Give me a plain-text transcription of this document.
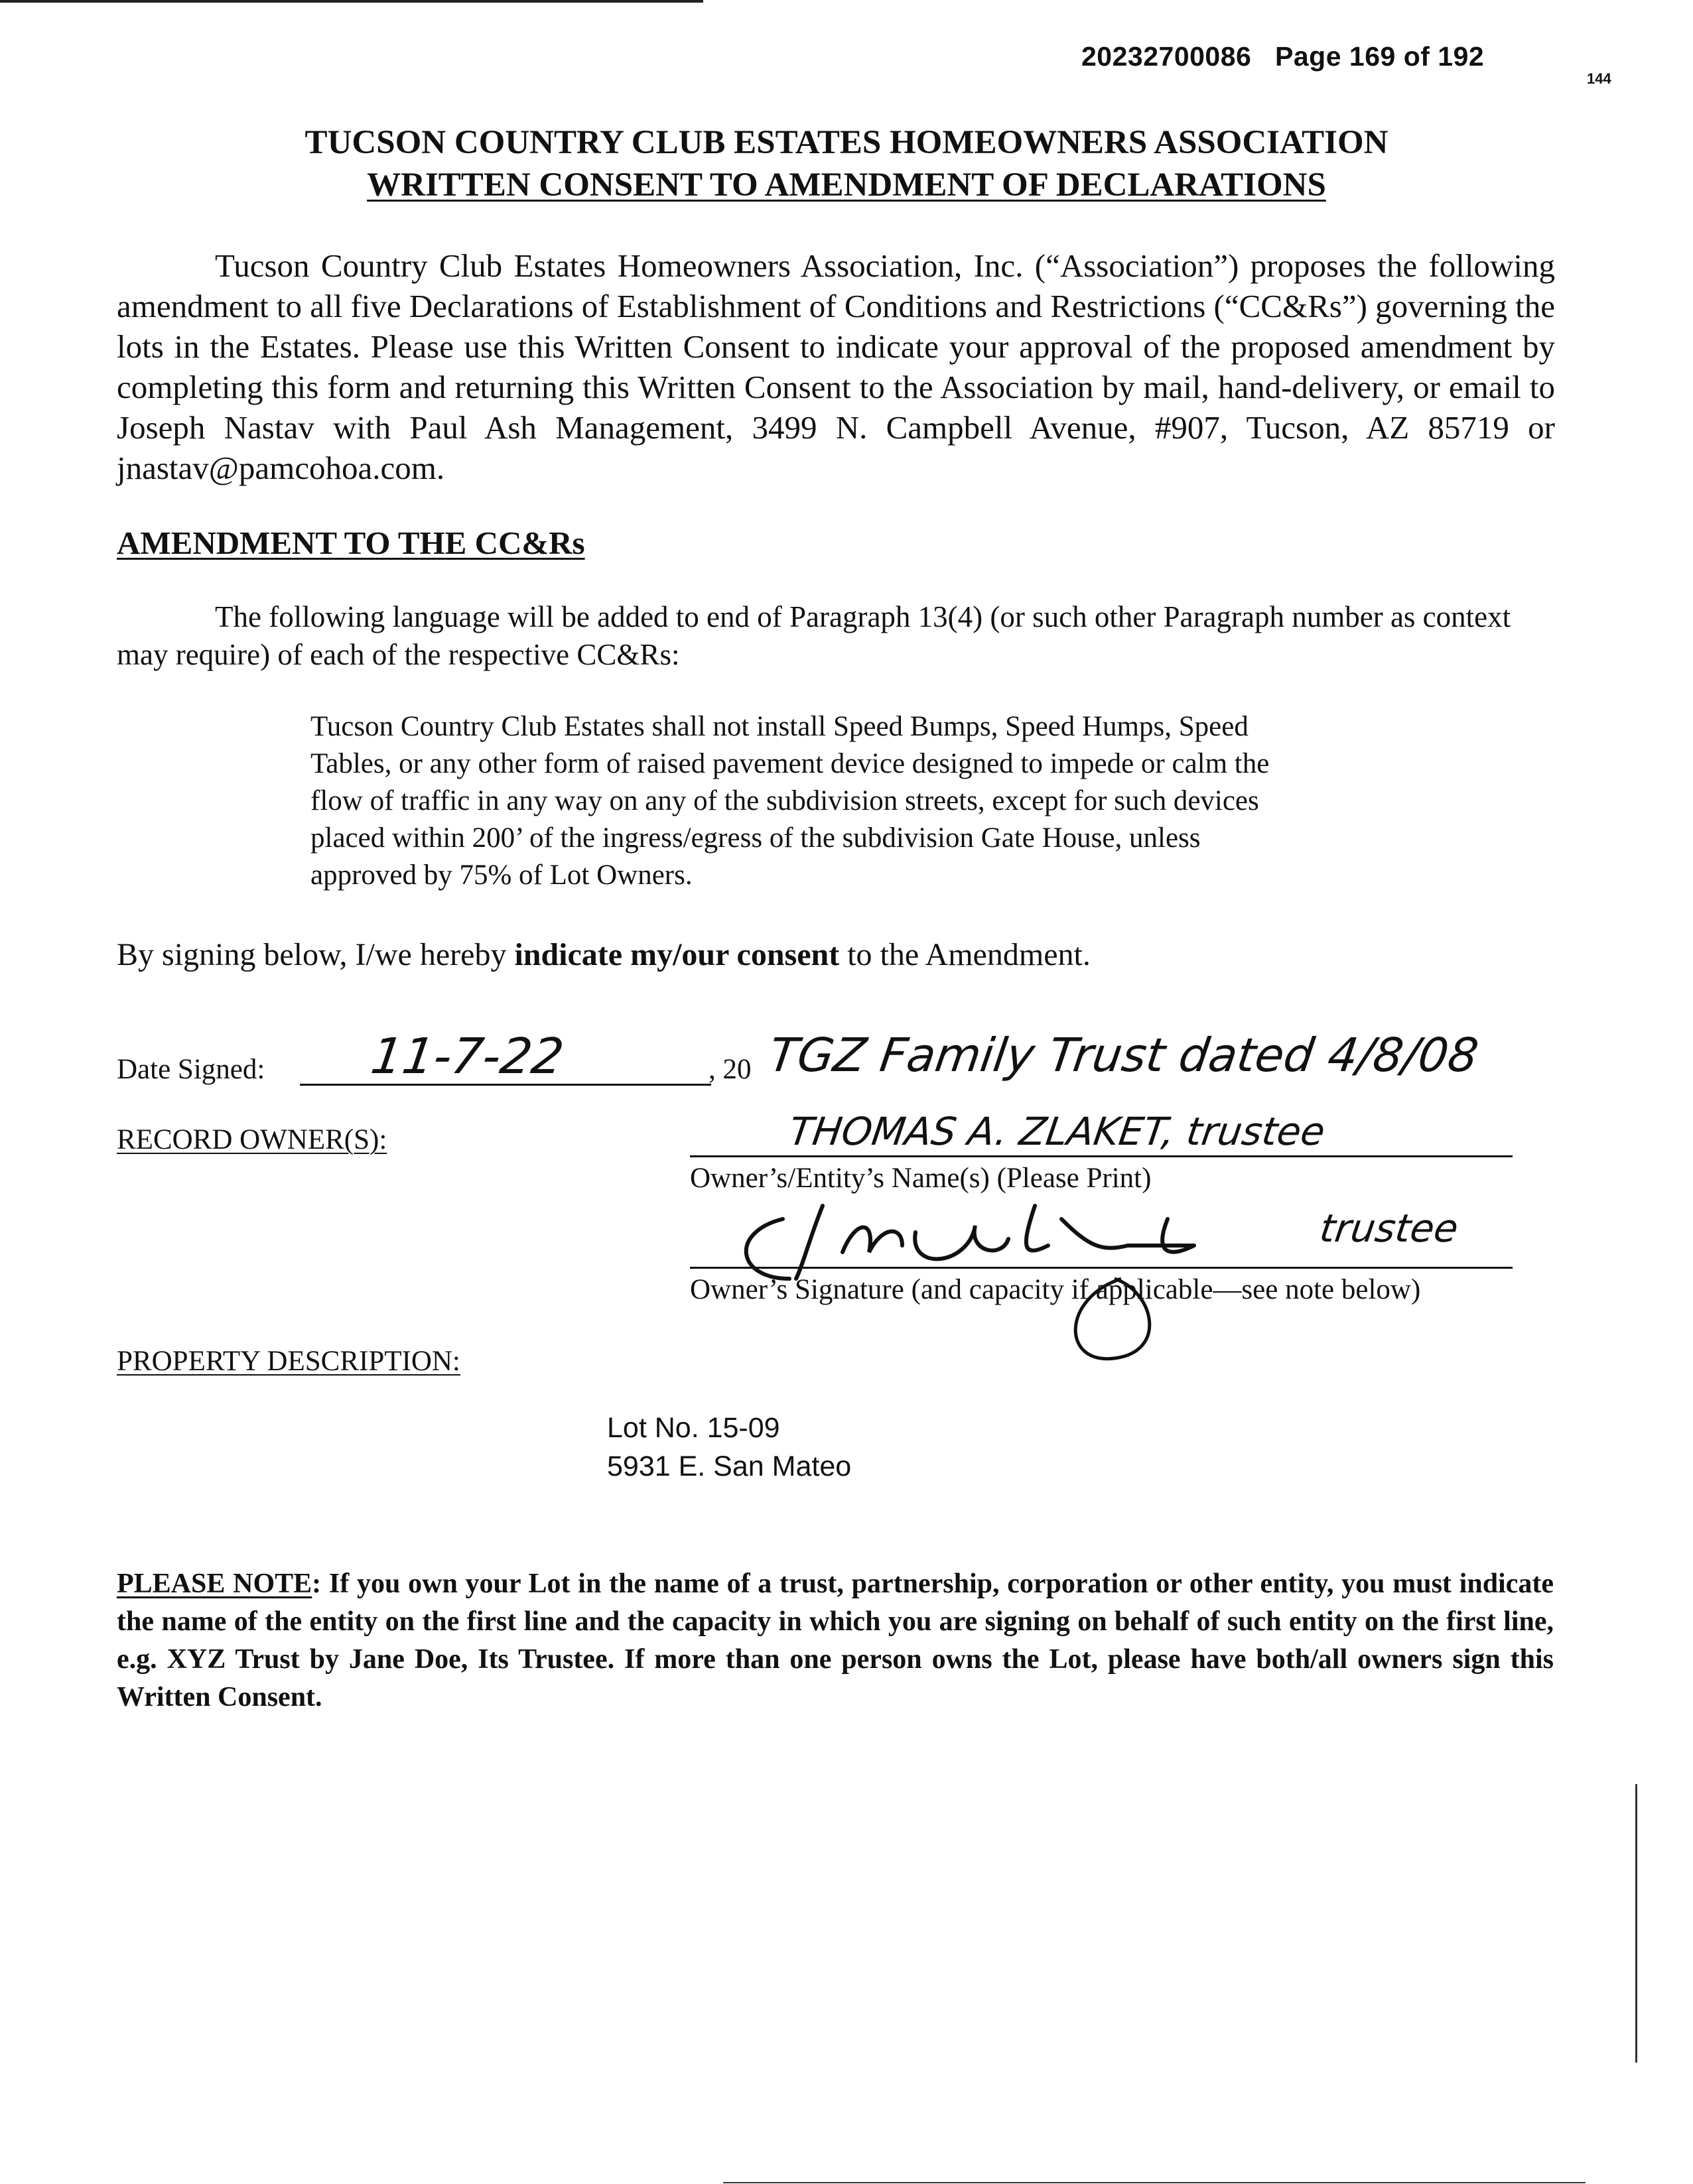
20232700086 Page 169 of 192
144
TUCSON COUNTRY CLUB ESTATES HOMEOWNERS ASSOCIATION
WRITTEN CONSENT TO AMENDMENT OF DECLARATIONS
Tucson Country Club Estates Homeowners Association, Inc. (“Association”) proposes the following amendment to all five Declarations of Establishment of Conditions and Restrictions (“CC&Rs”) governing the lots in the Estates. Please use this Written Consent to indicate your approval of the proposed amendment by completing this form and returning this Written Consent to the Association by mail, hand-delivery, or email to Joseph Nastav with Paul Ash Management, 3499 N. Campbell Avenue, #907, Tucson, AZ 85719 or jnastav@pamcohoa.com.
AMENDMENT TO THE CC&Rs
The following language will be added to end of Paragraph 13(4) (or such other Paragraph number as context may require) of each of the respective CC&Rs:
Tucson Country Club Estates shall not install Speed Bumps, Speed Humps, Speed Tables, or any other form of raised pavement device designed to impede or calm the flow of traffic in any way on any of the subdivision streets, except for such devices placed within 200’ of the ingress/egress of the subdivision Gate House, unless approved by 75% of Lot Owners.
By signing below, I/we hereby indicate my/our consent to the Amendment.
Date Signed: 11-7-22	, 20 TGZ Family Trust dated 4/8/08
RECORD OWNER(S):	THOMAS A. ZLAKET, trustee
Owner’s/Entity’s Name(s) (Please Print)
trustee
Owner’s Signature (and capacity if applicable—see note below)
PROPERTY DESCRIPTION:
Lot No. 15-09
5931 E. San Mateo
PLEASE NOTE: If you own your Lot in the name of a trust, partnership, corporation or other entity, you must indicate the name of the entity on the first line and the capacity in which you are signing on behalf of such entity on the first line, e.g. XYZ Trust by Jane Doe, Its Trustee. If more than one person owns the Lot, please have both/all owners sign this Written Consent.
